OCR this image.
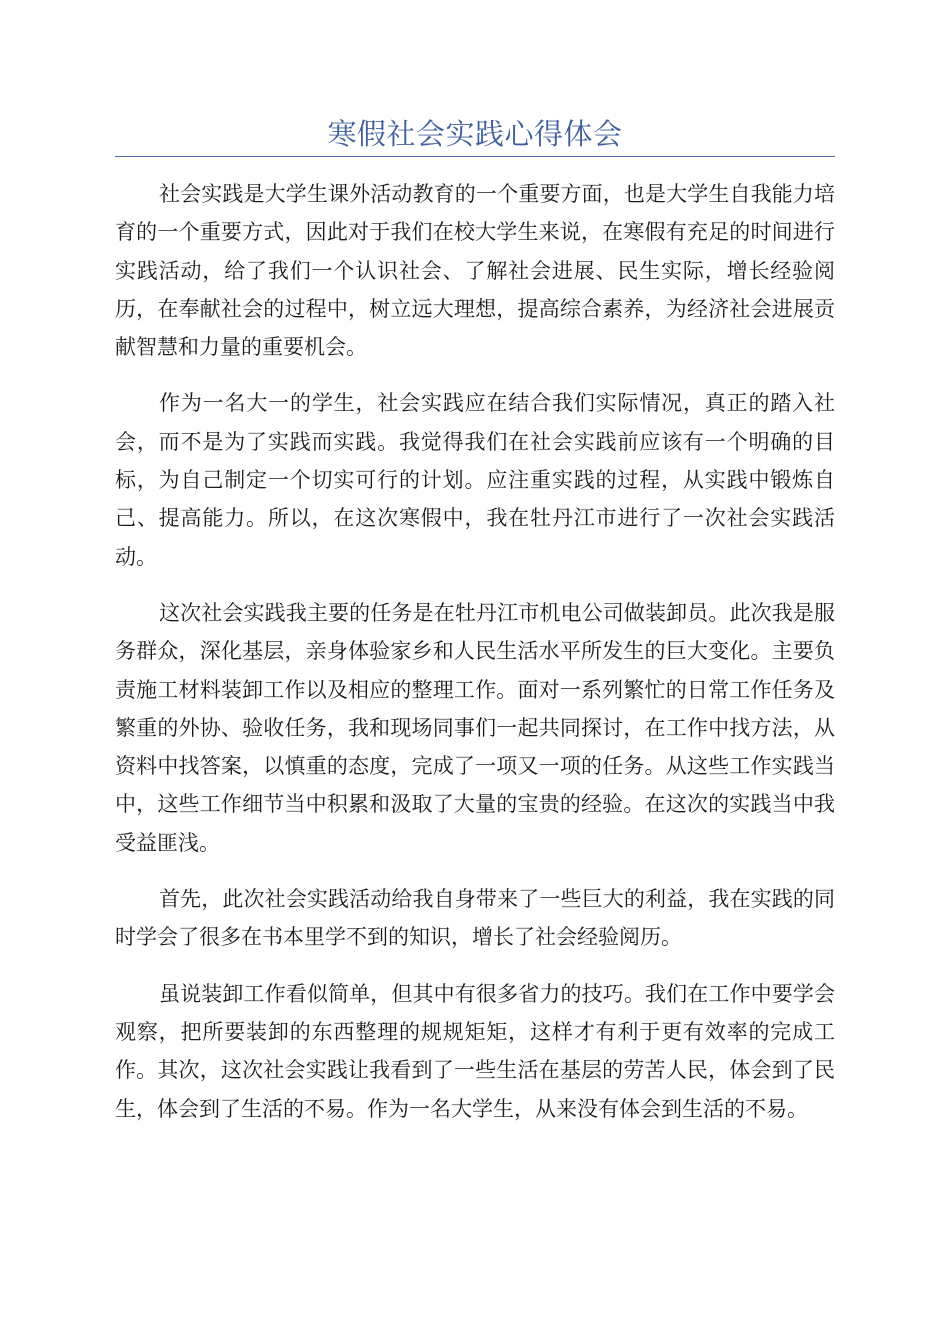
寒假社会实践心得体会

社会实践是大学生课外活动教育的一个重要方面，也是大学生自我能力培育的一个重要方式，因此对于我们在校大学生来说，在寒假有充足的时间进行实践活动，给了我们一个认识社会、了解社会进展、民生实际，增长经验阅历，在奉献社会的过程中，树立远大理想，提高综合素养，为经济社会进展贡献智慧和力量的重要机会。

作为一名大一的学生，社会实践应在结合我们实际情况，真正的踏入社会，而不是为了实践而实践。我觉得我们在社会实践前应该有一个明确的目标，为自己制定一个切实可行的计划。应注重实践的过程，从实践中锻炼自己、提高能力。所以，在这次寒假中，我在牡丹江市进行了一次社会实践活动。

这次社会实践我主要的任务是在牡丹江市机电公司做装卸员。此次我是服务群众，深化基层，亲身体验家乡和人民生活水平所发生的巨大变化。主要负责施工材料装卸工作以及相应的整理工作。面对一系列繁忙的日常工作任务及繁重的外协、验收任务，我和现场同事们一起共同探讨，在工作中找方法，从资料中找答案，以慎重的态度，完成了一项又一项的任务。从这些工作实践当中，这些工作细节当中积累和汲取了大量的宝贵的经验。在这次的实践当中我受益匪浅。

首先，此次社会实践活动给我自身带来了一些巨大的利益，我在实践的同时学会了很多在书本里学不到的知识，增长了社会经验阅历。

虽说装卸工作看似简单，但其中有很多省力的技巧。我们在工作中要学会观察，把所要装卸的东西整理的规规矩矩，这样才有利于更有效率的完成工作。其次，这次社会实践让我看到了一些生活在基层的劳苦人民，体会到了民生，体会到了生活的不易。作为一名大学生，从来没有体会到生活的不易。
